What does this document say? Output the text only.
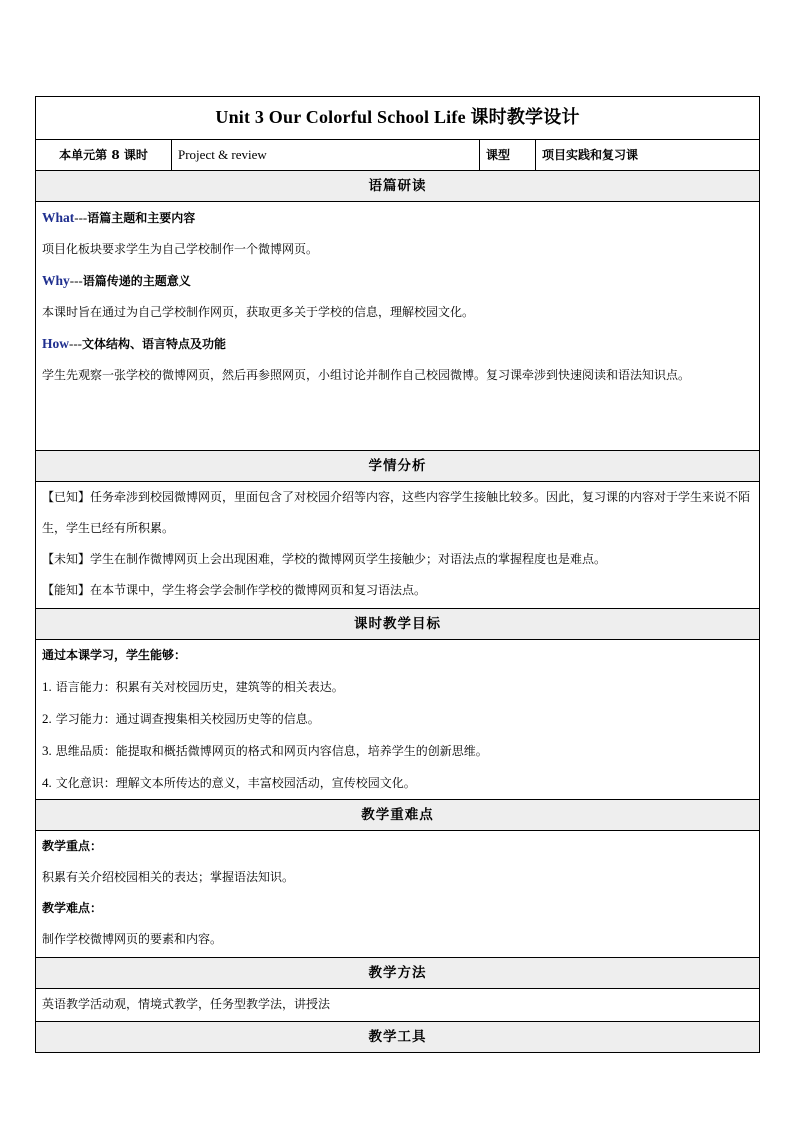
Unit 3 Our Colorful School Life 课时教学设计
本单元第 8 课时	Project & review	课型	项目实践和复习课
语篇研读

What---语篇主题和主要内容
项目化板块要求学生为自己学校制作一个微博网页。
Why---语篇传递的主题意义
本课时旨在通过为自己学校制作网页，获取更多关于学校的信息，理解校园文化。
How---文体结构、语言特点及功能
学生先观察一张学校的微博网页，然后再参照网页，小组讨论并制作自己校园微博。复习课牵涉到快速阅读和语法知识点。

学情分析

【已知】任务牵涉到校园微博网页，里面包含了对校园介绍等内容，这些内容学生接触比较多。因此，复习课的内容对于学生来说不陌生，学生已经有所积累。
【未知】学生在制作微博网页上会出现困难，学校的微博网页学生接触少；对语法点的掌握程度也是难点。
【能知】在本节课中，学生将会学会制作学校的微博网页和复习语法点。

课时教学目标

通过本课学习，学生能够：
1. 语言能力：积累有关对校园历史，建筑等的相关表达。
2. 学习能力：通过调查搜集相关校园历史等的信息。
3. 思维品质：能提取和概括微博网页的格式和网页内容信息，培养学生的创新思维。
4. 文化意识：理解文本所传达的意义，丰富校园活动，宣传校园文化。

教学重难点

教学重点：
积累有关介绍校园相关的表达；掌握语法知识。
教学难点：
制作学校微博网页的要素和内容。

教学方法

英语教学活动观，情境式教学，任务型教学法，讲授法

教学工具
